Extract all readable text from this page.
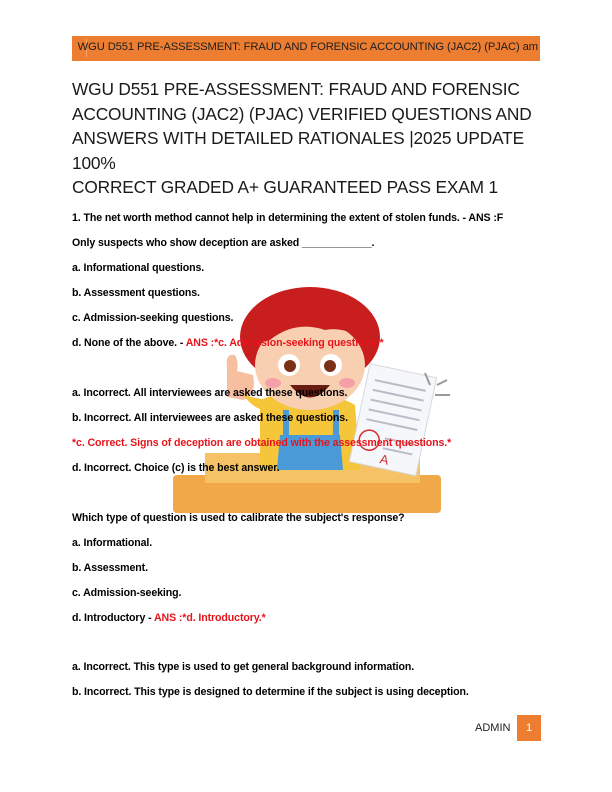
WGU D551 PRE-ASSESSMENT: FRAUD AND FORENSIC ACCOUNTING (JAC2) (PJAC) am
WGU D551 PRE-ASSESSMENT: FRAUD AND FORENSIC
ACCOUNTING (JAC2) (PJAC) VERIFIED QUESTIONS AND
ANSWERS WITH DETAILED RATIONALES |2025 UPDATE 100%
CORRECT GRADED A+ GUARANTEED PASS EXAM 1
1. The net worth method cannot help in determining the extent of stolen funds. - ANS :F
Only suspects who show deception are asked ____________.
a. Informational questions.
b. Assessment questions.
c. Admission-seeking questions.
A
d. None of the above. - ANS :*c. Admission-seeking questions.*
a. Incorrect. All interviewees are asked these questions.
b. Incorrect. All interviewees are asked these questions.
*c. Correct. Signs of deception are obtained with the assessment questions.*
d. Incorrect. Choice (c) is the best answer.
Which type of question is used to calibrate the subject's response?
a. Informational.
b. Assessment.
c. Admission-seeking.
d. Introductory - ANS :*d. Introductory.*
a. Incorrect. This type is used to get general background information.
b. Incorrect. This type is designed to determine if the subject is using deception.
ADMIN	1
